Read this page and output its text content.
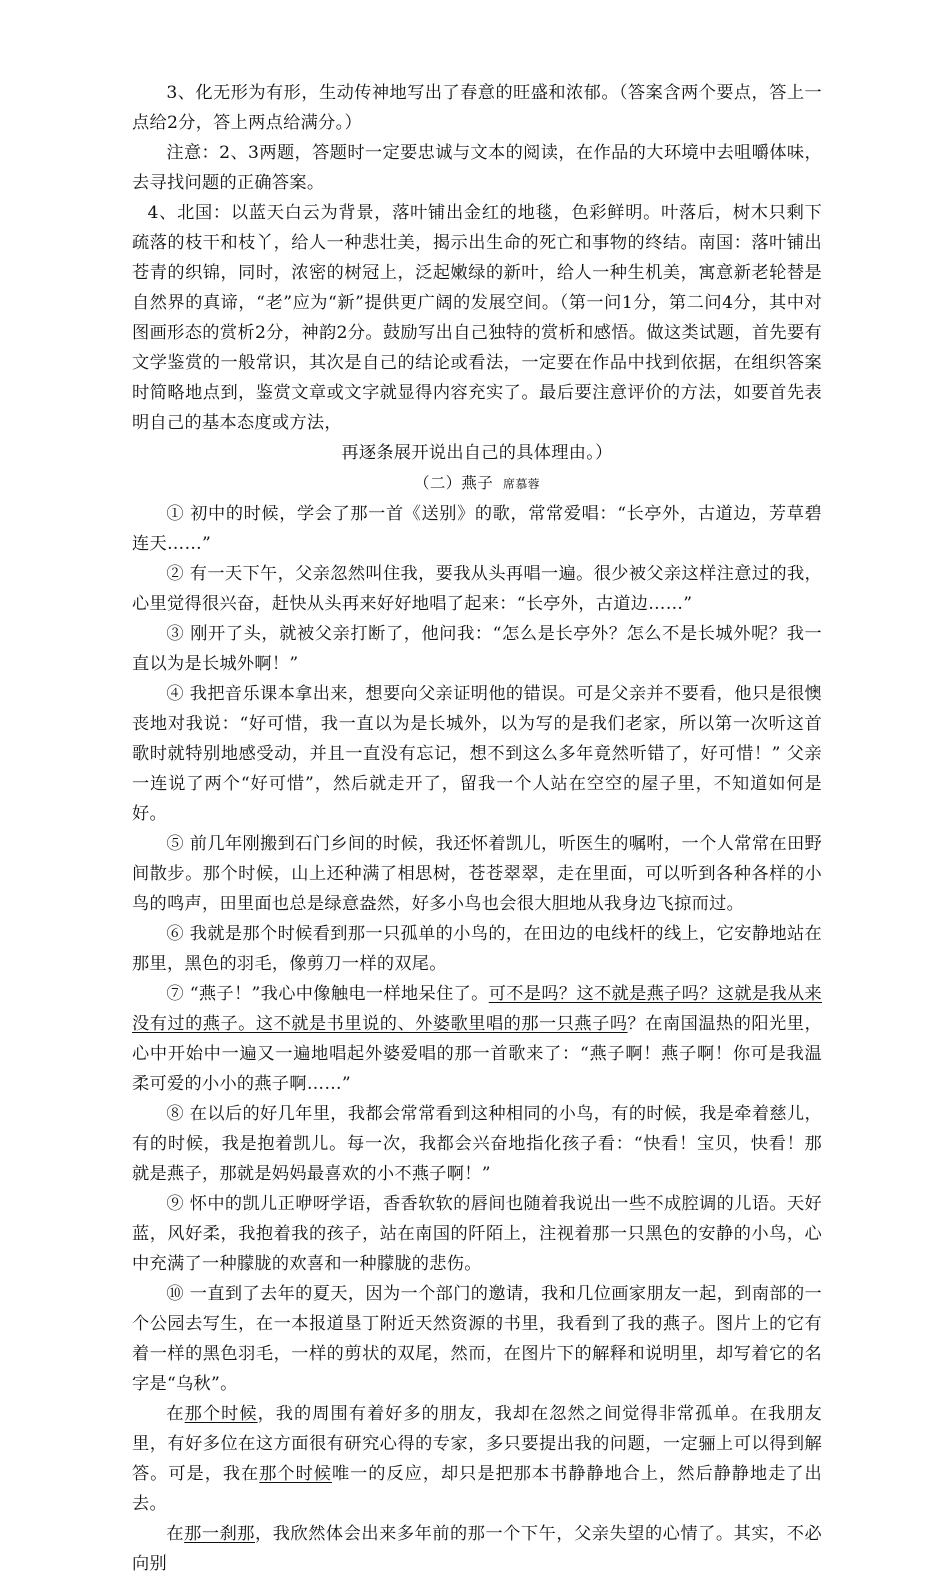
3、化无形为有形，生动传神地写出了春意的旺盛和浓郁。（答案含两个要点，答上一点给2分，答上两点给满分。）

注意：2、3两题，答题时一定要忠诚与文本的阅读，在作品的大环境中去咀嚼体味，去寻找问题的正确答案。

4、北国：以蓝天白云为背景，落叶铺出金红的地毯，色彩鲜明。叶落后，树木只剩下疏落的枝干和枝丫，给人一种悲壮美，揭示出生命的死亡和事物的终结。南国：落叶铺出苍青的织锦，同时，浓密的树冠上，泛起嫩绿的新叶，给人一种生机美，寓意新老轮替是自然界的真谛，“老”应为“新”提供更广阔的发展空间。（第一问1分，第二问4分，其中对图画形态的赏析2分，神韵2分。鼓励写出自己独特的赏析和感悟。做这类试题，首先要有文学鉴赏的一般常识，其次是自己的结论或看法，一定要在作品中找到依据，在组织答案时简略地点到，鉴赏文章或文字就显得内容充实了。最后要注意评价的方法，如要首先表明自己的基本态度或方法，
再逐条展开说出自己的具体理由。）

（二）燕子 席慕蓉

① 初中的时候，学会了那一首《送别》的歌，常常爱唱：“长亭外，古道边，芳草碧连天……”

② 有一天下午，父亲忽然叫住我，要我从头再唱一遍。很少被父亲这样注意过的我，心里觉得很兴奋，赶快从头再来好好地唱了起来：“长亭外，古道边……”

③ 刚开了头，就被父亲打断了，他问我：“怎么是长亭外？怎么不是长城外呢？我一直以为是长城外啊！”

④ 我把音乐课本拿出来，想要向父亲证明他的错误。可是父亲并不要看，他只是很懊丧地对我说：“好可惜，我一直以为是长城外，以为写的是我们老家，所以第一次听这首歌时就特别地感受动，并且一直没有忘记，想不到这么多年竟然听错了，好可惜！” 父亲一连说了两个“好可惜”，然后就走开了，留我一个人站在空空的屋子里，不知道如何是好。

⑤ 前几年刚搬到石门乡间的时候，我还怀着凯儿，听医生的嘱咐，一个人常常在田野间散步。那个时候，山上还种满了相思树，苍苍翠翠，走在里面，可以听到各种各样的小鸟的鸣声，田里面也总是绿意盎然，好多小鸟也会很大胆地从我身边飞掠而过。

⑥ 我就是那个时候看到那一只孤单的小鸟的，在田边的电线杆的线上，它安静地站在那里，黑色的羽毛，像剪刀一样的双尾。

⑦ “燕子！”我心中像触电一样地呆住了。可不是吗？这不就是燕子吗？这就是我从来没有过的燕子。这不就是书里说的、外婆歌里唱的那一只燕子吗？在南国温热的阳光里，心中开始中一遍又一遍地唱起外婆爱唱的那一首歌来了：“燕子啊！燕子啊！你可是我温柔可爱的小小的燕子啊……”

⑧ 在以后的好几年里，我都会常常看到这种相同的小鸟，有的时候，我是牵着慈儿，有的时候，我是抱着凯儿。每一次，我都会兴奋地指化孩子看：“快看！宝贝，快看！那就是燕子，那就是妈妈最喜欢的小不燕子啊！”

⑨ 怀中的凯儿正咿呀学语，香香软软的唇间也随着我说出一些不成腔调的儿语。天好蓝，风好柔，我抱着我的孩子，站在南国的阡陌上，注视着那一只黑色的安静的小鸟，心中充满了一种朦胧的欢喜和一种朦胧的悲伤。

⑩ 一直到了去年的夏天，因为一个部门的邀请，我和几位画家朋友一起，到南部的一个公园去写生，在一本报道垦丁附近天然资源的书里，我看到了我的燕子。图片上的它有着一样的黑色羽毛，一样的剪状的双尾，然而，在图片下的解释和说明里，却写着它的名字是“乌秋”。

在那个时候，我的周围有着好多的朋友，我却在忽然之间觉得非常孤单。在我朋友里，有好多位在这方面很有研究心得的专家，多只要提出我的问题，一定骊上可以得到解答。可是，我在那个时候唯一的反应，却只是把那本书静静地合上，然后静静地走了出去。

在那一刹那，我欣然体会出来多年前的那一个下午，父亲失望的心情了。其实，不必向别
